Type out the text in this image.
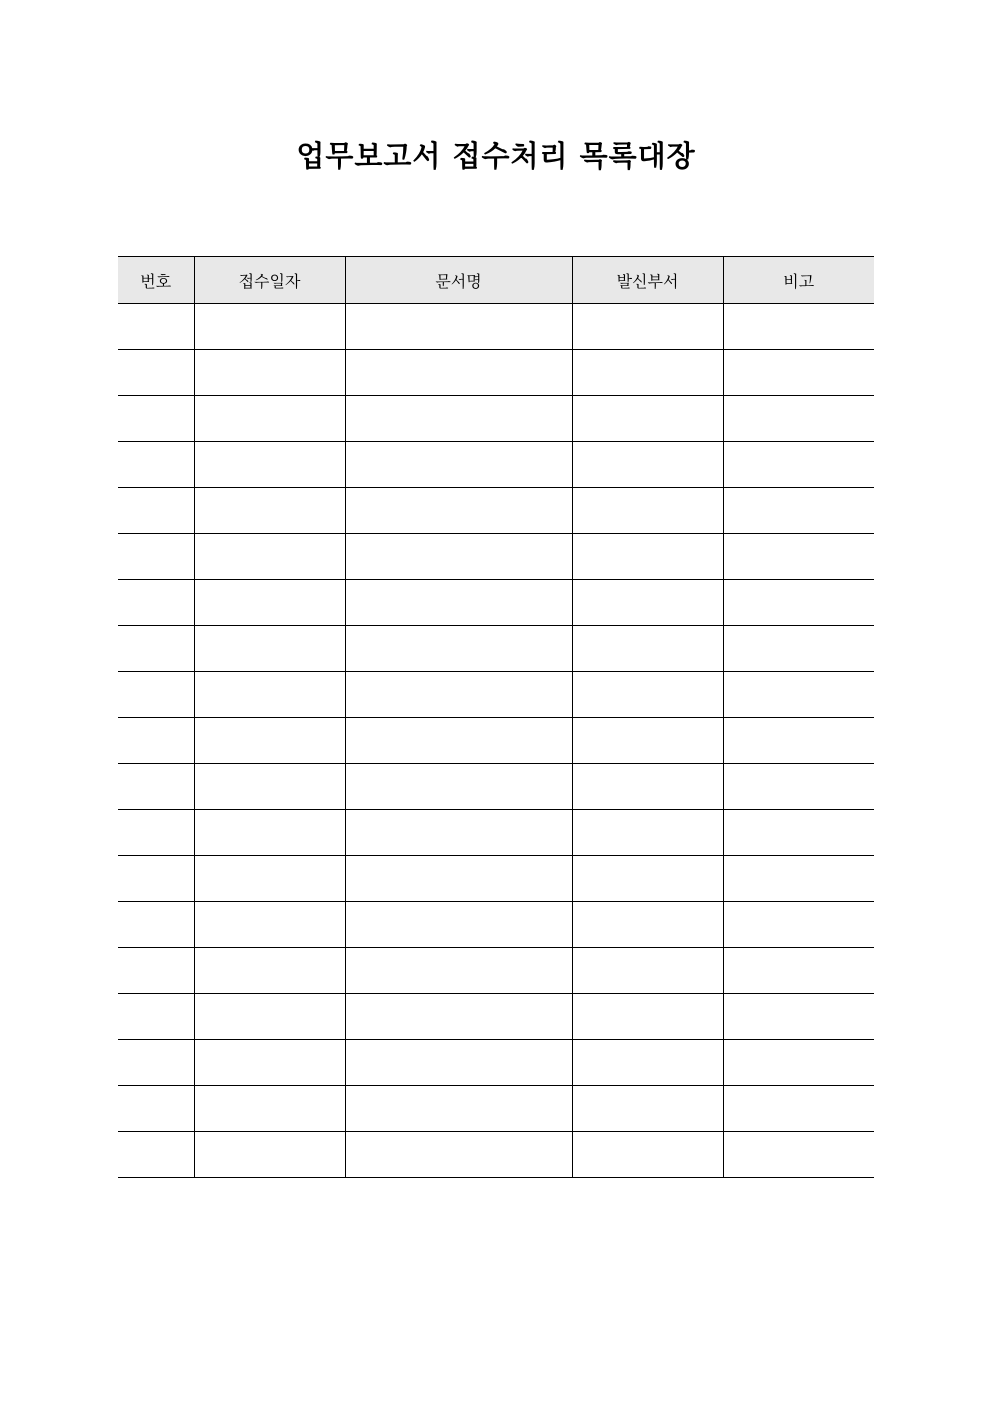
업무보고서 접수처리 목록대장
번호	접수일자	문서명	발신부서	비고
